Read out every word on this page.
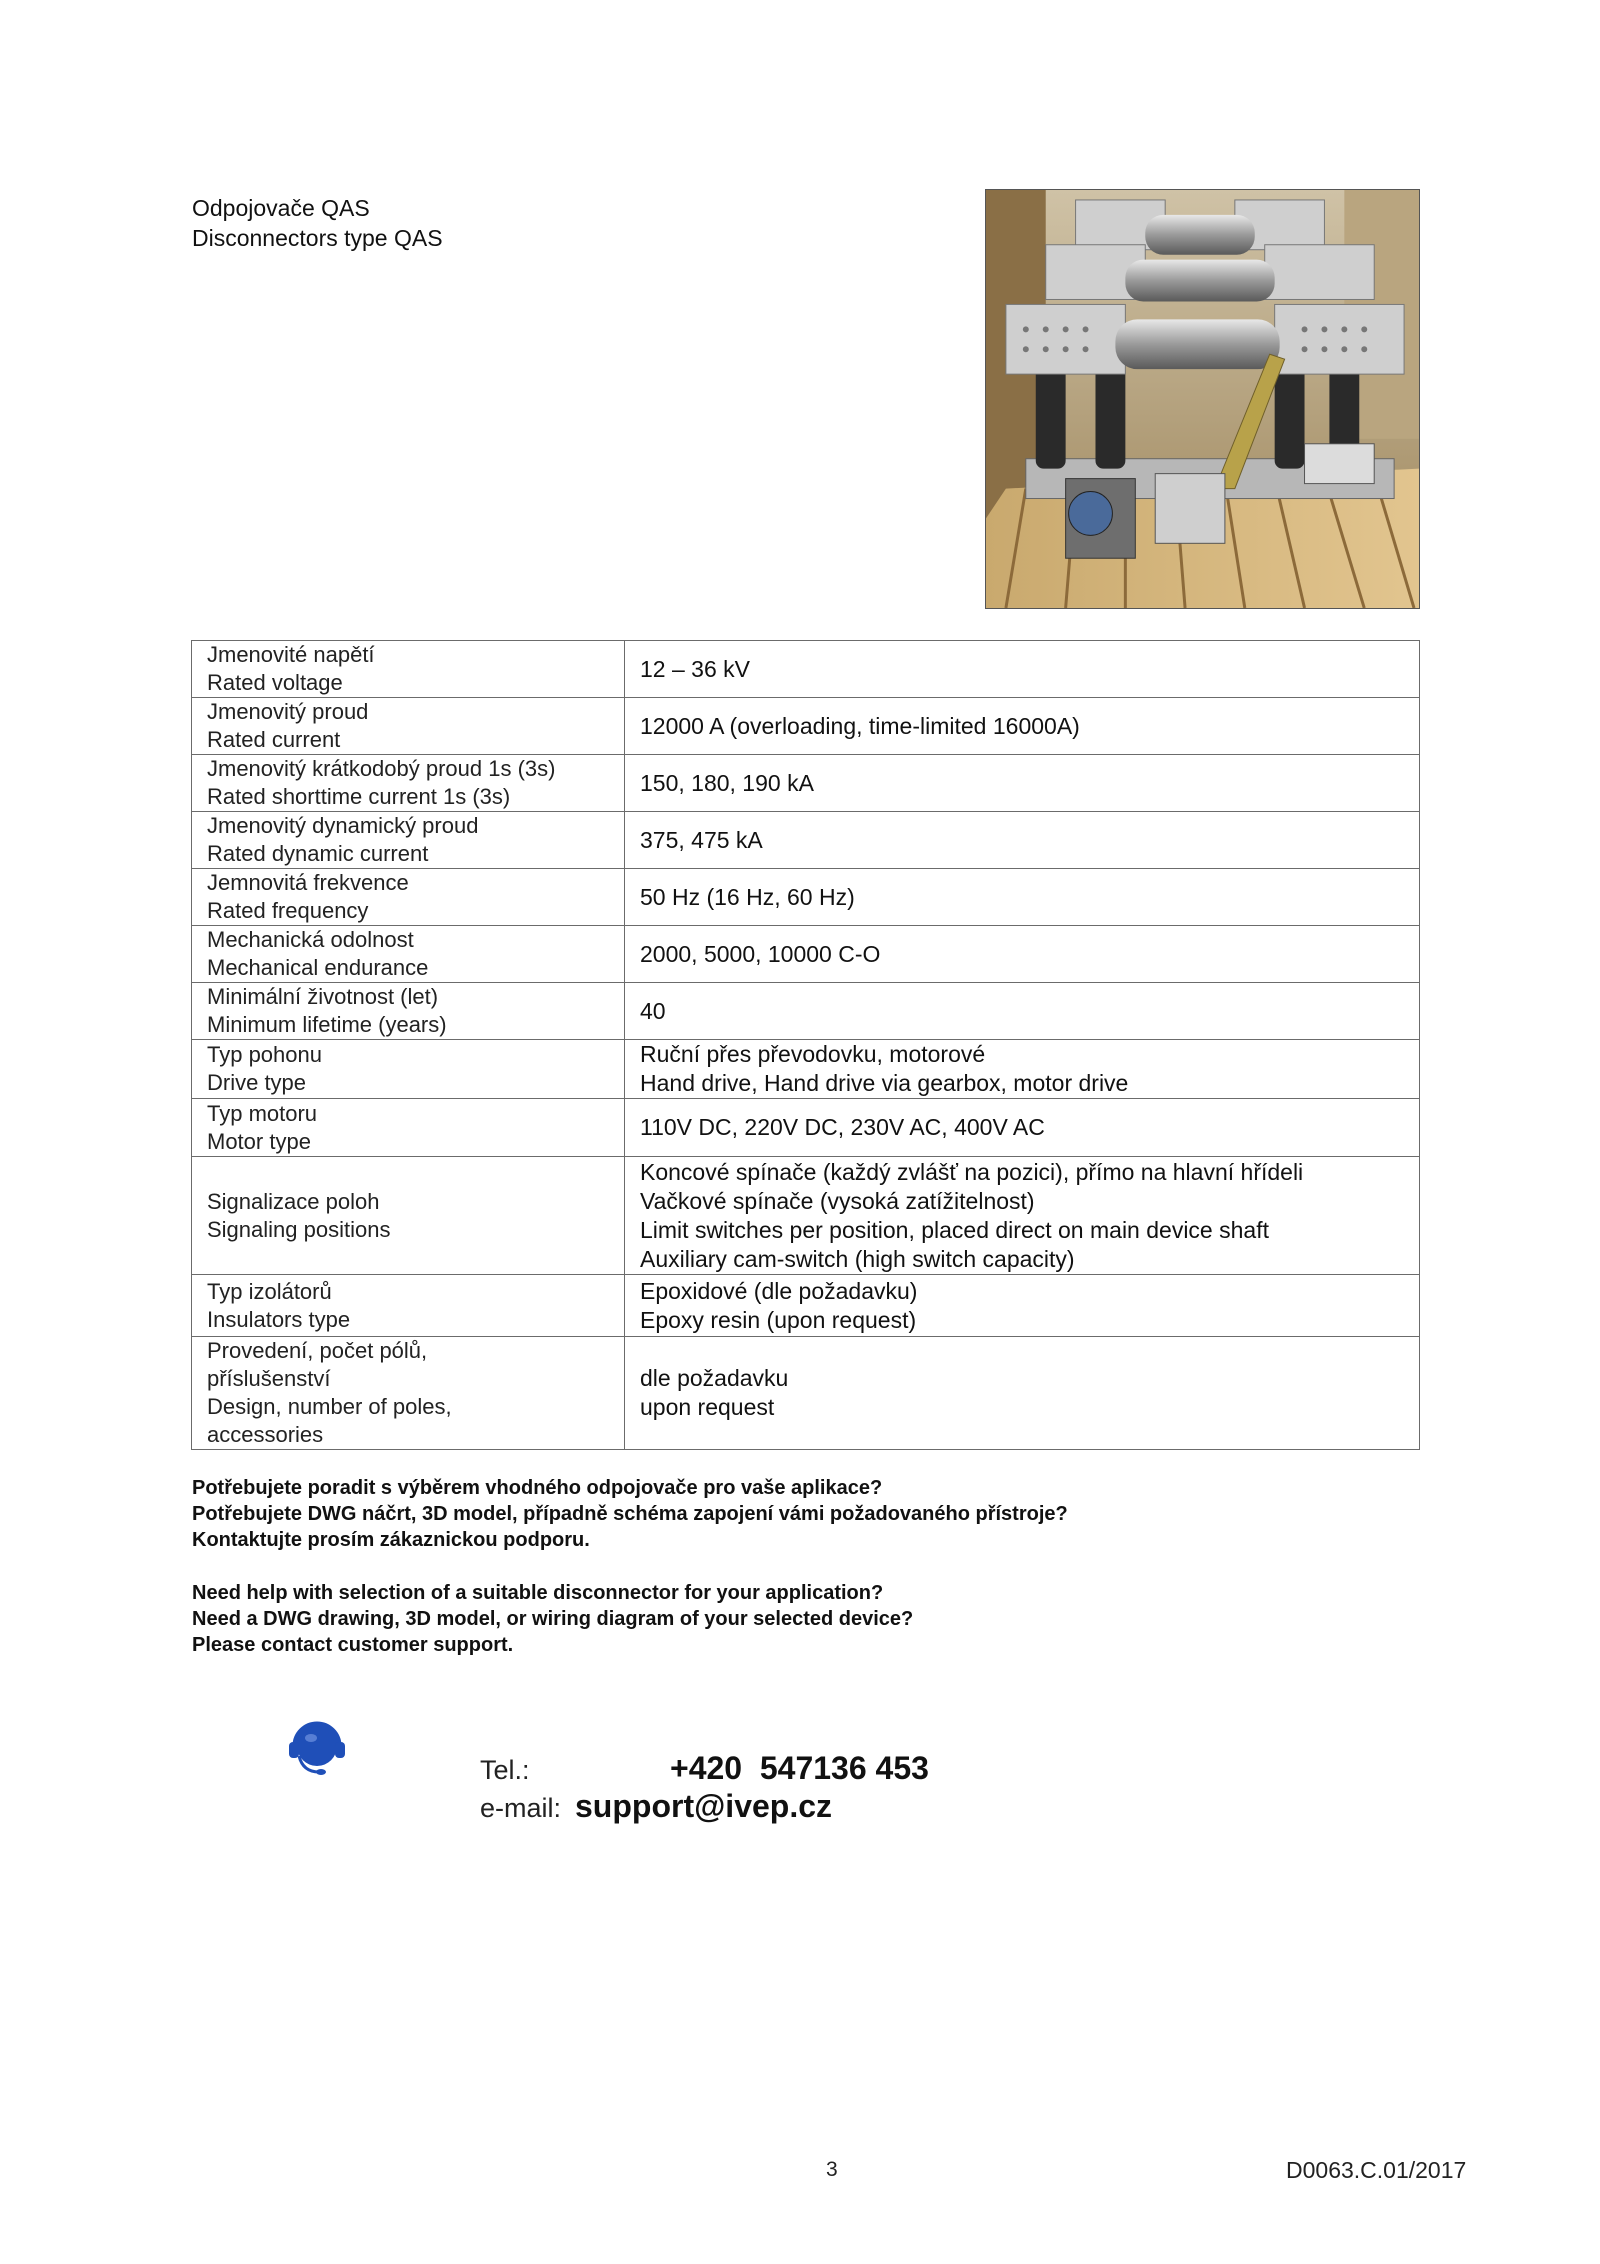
Odpojovače QAS
Disconnectors type QAS
Jmenovité napětí
Rated voltage	12 – 36 kV

Jmenovitý proud
Rated current	12000 A (overloading, time-limited 16000A)

Jmenovitý krátkodobý proud 1s (3s)
Rated shorttime current 1s (3s)	150, 180, 190 kA

Jmenovitý dynamický proud
Rated dynamic current	375, 475 kA

Jemnovitá frekvence
Rated frequency	50 Hz (16 Hz, 60 Hz)

Mechanická odolnost
Mechanical endurance	2000, 5000, 10000 C-O

Minimální životnost (let)
Minimum lifetime (years)	40

Typ pohonu
Drive type	Ruční přes převodovku, motorové
Hand drive, Hand drive via gearbox, motor drive

Typ motoru
Motor type	110V DC, 220V DC, 230V AC, 400V AC

Signalizace poloh
Signaling positions	Koncové spínače (každý zvlášť na pozici), přímo na hlavní hřídeli
Vačkové spínače (vysoká zatížitelnost)
Limit switches per position, placed direct on main device shaft
Auxiliary cam-switch (high switch capacity)

Typ izolátorů
Insulators type	Epoxidové (dle požadavku)
Epoxy resin (upon request)

Provedení, počet pólů,
příslušenství
Design, number of poles,
accessories	dle požadavku
upon request
Potřebujete poradit s výběrem vhodného odpojovače pro vaše aplikace?
Potřebujete DWG náčrt, 3D model, případně schéma zapojení vámi požadovaného přístroje?
Kontaktujte prosím zákaznickou podporu.
Need help with selection of a suitable disconnector for your application?
Need a DWG drawing, 3D model, or wiring diagram of your selected device?
Please contact customer support.
Tel.:	+420  547136 453
e-mail: support@ivep.cz
3	D0063.C.01/2017
